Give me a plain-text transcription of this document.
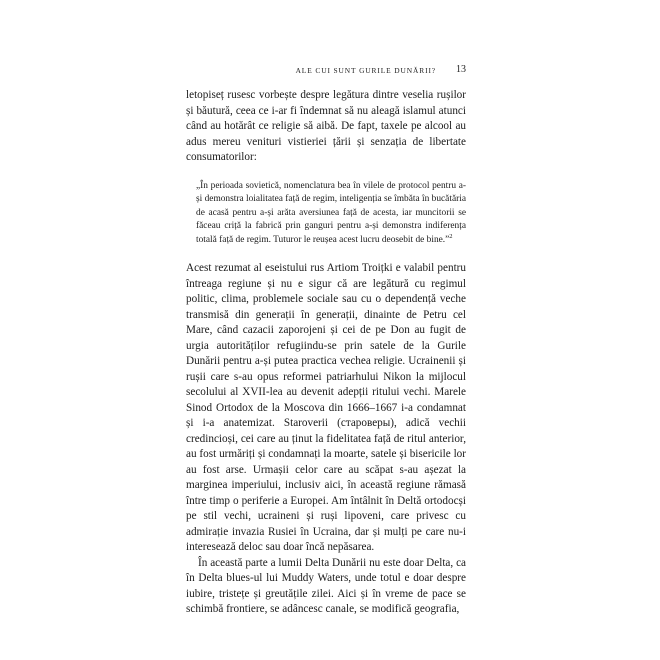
ALE CUI SUNT GURILE DUNĂRII? 13

letopiseț rusesc vorbește despre legătura dintre veselia rușilor și băutură, ceea ce i-ar fi îndemnat să nu aleagă islamul atunci când au hotărât ce religie să aibă. De fapt, taxele pe alcool au adus mereu venituri vistieriei țării și senzația de libertate consumatorilor:

„În perioada sovietică, nomenclatura bea în vilele de protocol pentru a-și demonstra loialitatea față de regim, inteligenția se îmbăta în bucătăria de acasă pentru a-și arăta aversiunea față de acesta, iar muncitorii se făceau criță la fabrică prin ganguri pentru a-și demonstra indiferența totală față de regim. Tuturor le reușea acest lucru deosebit de bine.”$^2$

Acest rezumat al eseistului rus Artiom Troițki e valabil pentru întreaga regiune și nu e sigur că are legătură cu regimul politic, clima, problemele sociale sau cu o dependență veche transmisă din generații în generații, dinainte de Petru cel Mare, când cazacii zaporojeni și cei de pe Don au fugit de urgia autorităților refugiindu-se prin satele de la Gurile Dunării pentru a-și putea practica vechea religie. Ucrainenii și rușii care s-au opus reformei patriarhului Nikon la mijlocul secolului al XVII-lea au devenit adepții ritului vechi. Marele Sinod Ortodox de la Moscova din 1666–1667 i-a condamnat și i-a anatemizat. Staroverii (староверы), adică vechii credincioși, cei care au ținut la fidelitatea față de ritul anterior, au fost urmăriți și condamnați la moarte, satele și bisericile lor au fost arse. Urmașii celor care au scăpat s-au așezat la marginea imperiului, inclusiv aici, în această regiune rămasă între timp o periferie a Europei. Am întâlnit în Deltă ortodocși pe stil vechi, ucraineni și ruși lipoveni, care privesc cu admirație invazia Rusiei în Ucraina, dar și mulți pe care nu-i interesează deloc sau doar încă nepăsarea.

În această parte a lumii Delta Dunării nu este doar Delta, ca în Delta blues-ul lui Muddy Waters, unde totul e doar despre iubire, tristețe și greutățile zilei. Aici și în vreme de pace se schimbă frontiere, se adâncesc canale, se modifică geografia,
